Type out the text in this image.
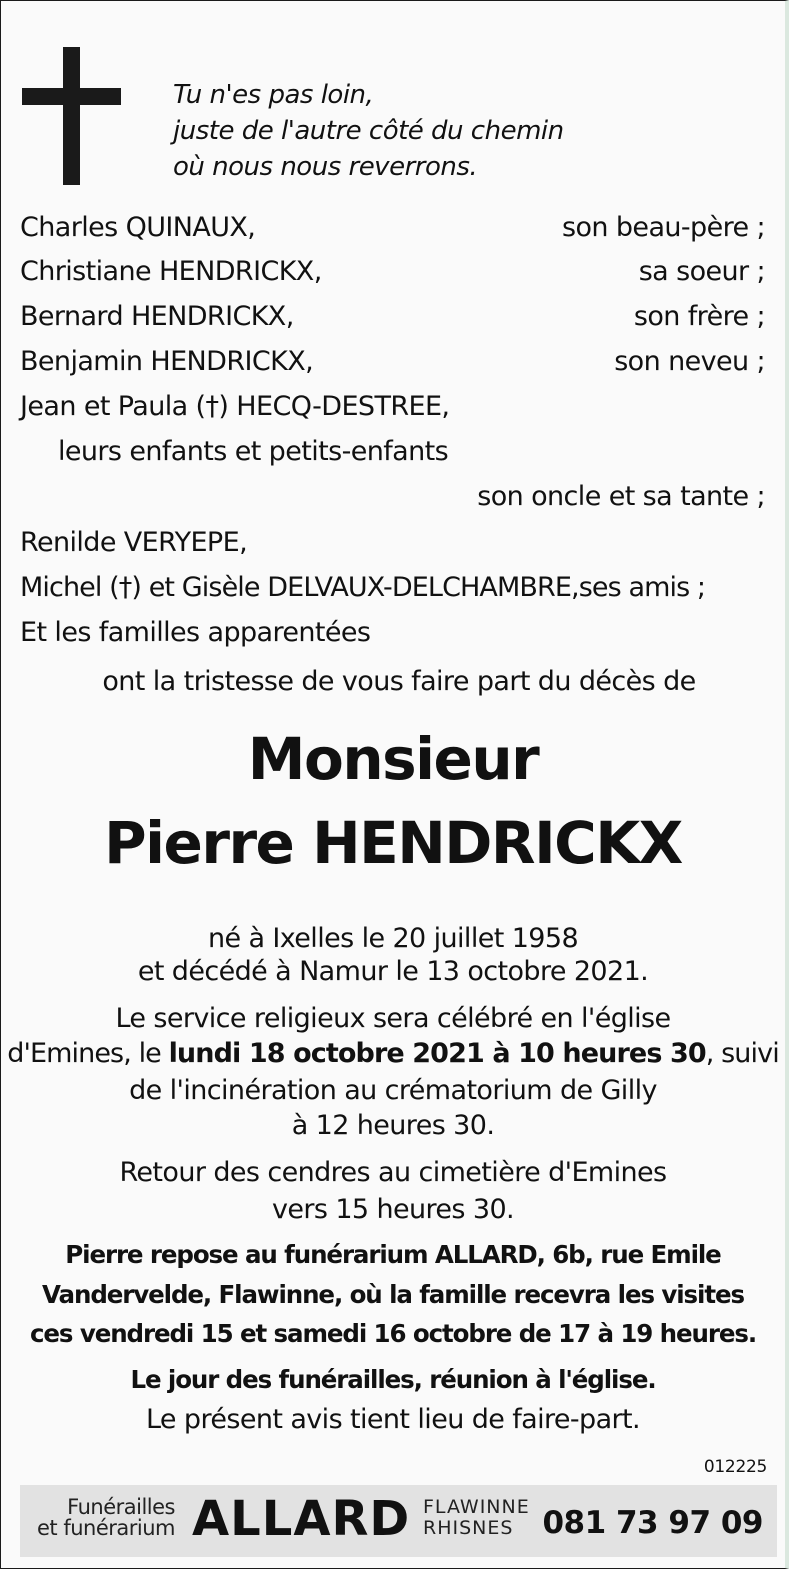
Tu n'es pas loin,
juste de l'autre côté du chemin
où nous nous reverrons.
Charles QUINAUX,	son beau-père ;
Christiane HENDRICKX,	sa soeur ;
Bernard HENDRICKX,	son frère ;
Benjamin HENDRICKX,	son neveu ;
Jean et Paula (†) HECQ-DESTREE,
leurs enfants et petits-enfants
son oncle et sa tante ;
Renilde VERYEPE,
Michel (†) et Gisèle DELVAUX-DELCHAMBRE,ses amis ;
Et les familles apparentées
ont la tristesse de vous faire part du décès de
Monsieur
Pierre HENDRICKX
né à Ixelles le 20 juillet 1958
et décédé à Namur le 13 octobre 2021.
Le service religieux sera célébré en l'église
d'Emines, le lundi 18 octobre 2021 à 10 heures 30, suivi
de l'incinération au crématorium de Gilly
à 12 heures 30.
Retour des cendres au cimetière d'Emines
vers 15 heures 30.
Pierre repose au funérarium ALLARD, 6b, rue Emile
Vandervelde, Flawinne, où la famille recevra les visites
ces vendredi 15 et samedi 16 octobre de 17 à 19 heures.
Le jour des funérailles, réunion à l'église.
Le présent avis tient lieu de faire-part.
012225
Funérailles
et funérarium ALLARD FLAWINNE
RHISNES 081 73 97 09
